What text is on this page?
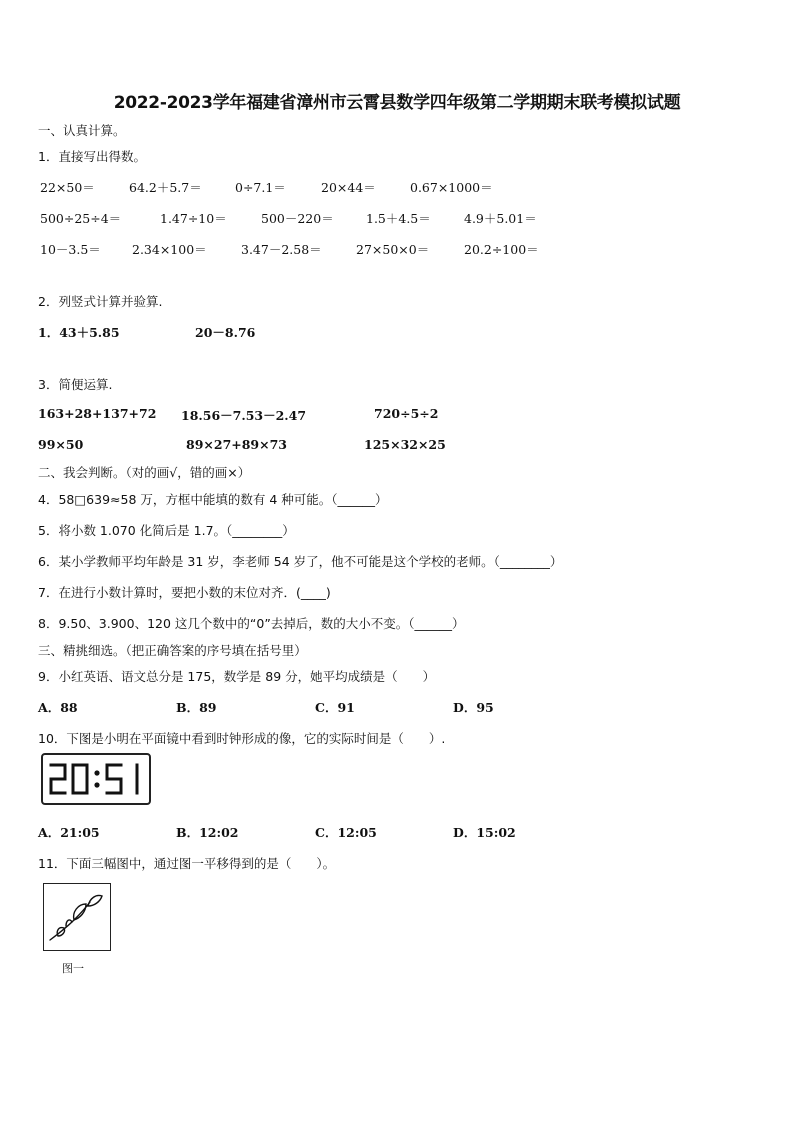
2022-2023学年福建省漳州市云霄县数学四年级第二学期期末联考模拟试题
一、认真计算。
1．直接写出得数。
22×50＝	64.2＋5.7＝	0÷7.1＝	20×44＝	0.67×1000＝
500÷25÷4＝	1.47÷10＝	500－220＝	1.5＋4.5＝	4.9＋5.01＝
10－3.5＝ 2.34×100＝	3.47－2.58＝	27×50×0＝	20.2÷100＝
2．列竖式计算并验算.
1．43＋5.85	20－8.76
3．简便运算.
163+28+137+72 18.56－7.53－2.47	720÷5÷2
99×50	89×27+89×73	125×32×25
二、我会判断。（对的画√，错的画×）
4．58□639≈58 万，方框中能填的数有 4 种可能。（______）
5．将小数 1.070 化简后是 1.7。（________）
6．某小学教师平均年龄是 31 岁，李老师 54 岁了，他不可能是这个学校的老师。（________）
7．在进行小数计算时，要把小数的末位对齐．(____)
8．9.50、3.900、120 这几个数中的“0”去掉后，数的大小不变。（______）
三、精挑细选。（把正确答案的序号填在括号里）
9．小红英语、语文总分是 175，数学是 89 分，她平均成绩是（　　）
A．88	B．89	C．91	D．95
10．下图是小明在平面镜中看到时钟形成的像，它的实际时间是（　　）.
A．21:05	B．12:02	C．12:05	D．15:02
11．下面三幅图中，通过图一平移得到的是（　　）。
图一
